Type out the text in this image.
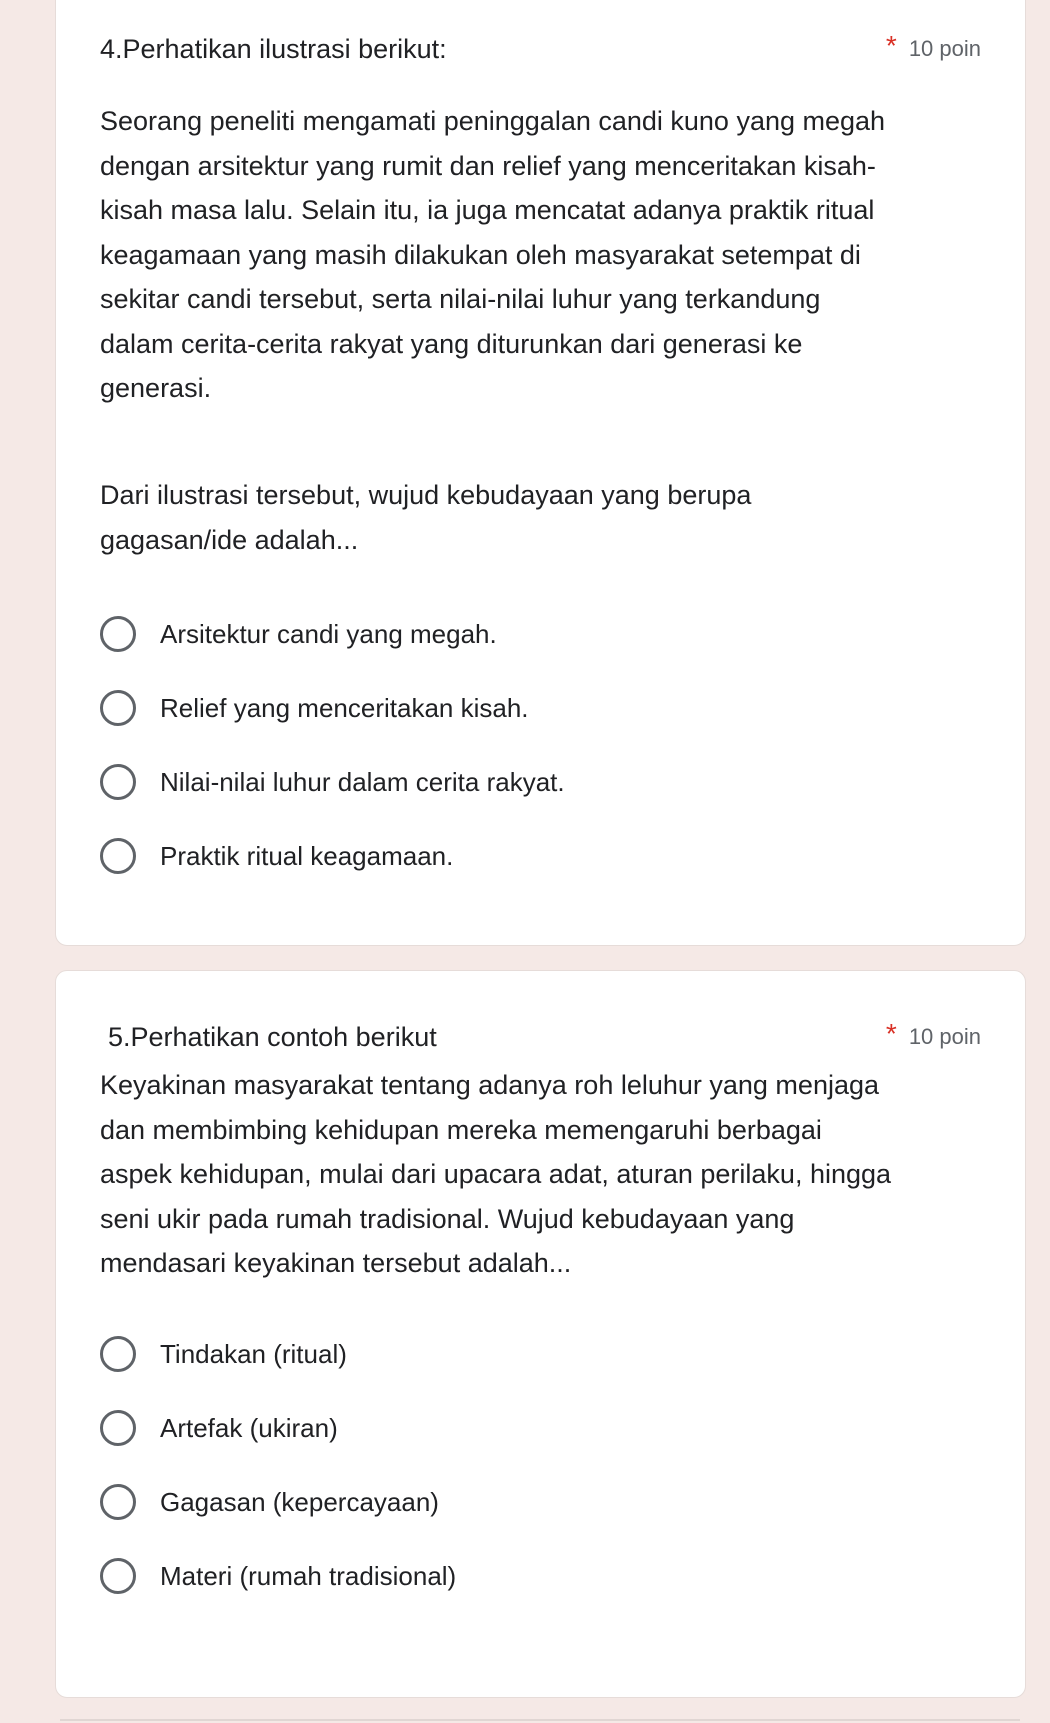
4.Perhatikan ilustrasi berikut:	* 10 poin
Seorang peneliti mengamati peninggalan candi kuno yang megah dengan arsitektur yang rumit dan relief yang menceritakan kisah-kisah masa lalu. Selain itu, ia juga mencatat adanya praktik ritual keagamaan yang masih dilakukan oleh masyarakat setempat di sekitar candi tersebut, serta nilai-nilai luhur yang terkandung dalam cerita-cerita rakyat yang diturunkan dari generasi ke generasi.
Dari ilustrasi tersebut, wujud kebudayaan yang berupa gagasan/ide adalah...
Arsitektur candi yang megah.
Relief yang menceritakan kisah.
Nilai-nilai luhur dalam cerita rakyat.
Praktik ritual keagamaan.
5.Perhatikan contoh berikut	* 10 poin
Keyakinan masyarakat tentang adanya roh leluhur yang menjaga dan membimbing kehidupan mereka memengaruhi berbagai aspek kehidupan, mulai dari upacara adat, aturan perilaku, hingga seni ukir pada rumah tradisional. Wujud kebudayaan yang mendasari keyakinan tersebut adalah...
Tindakan (ritual)
Artefak (ukiran)
Gagasan (kepercayaan)
Materi (rumah tradisional)
